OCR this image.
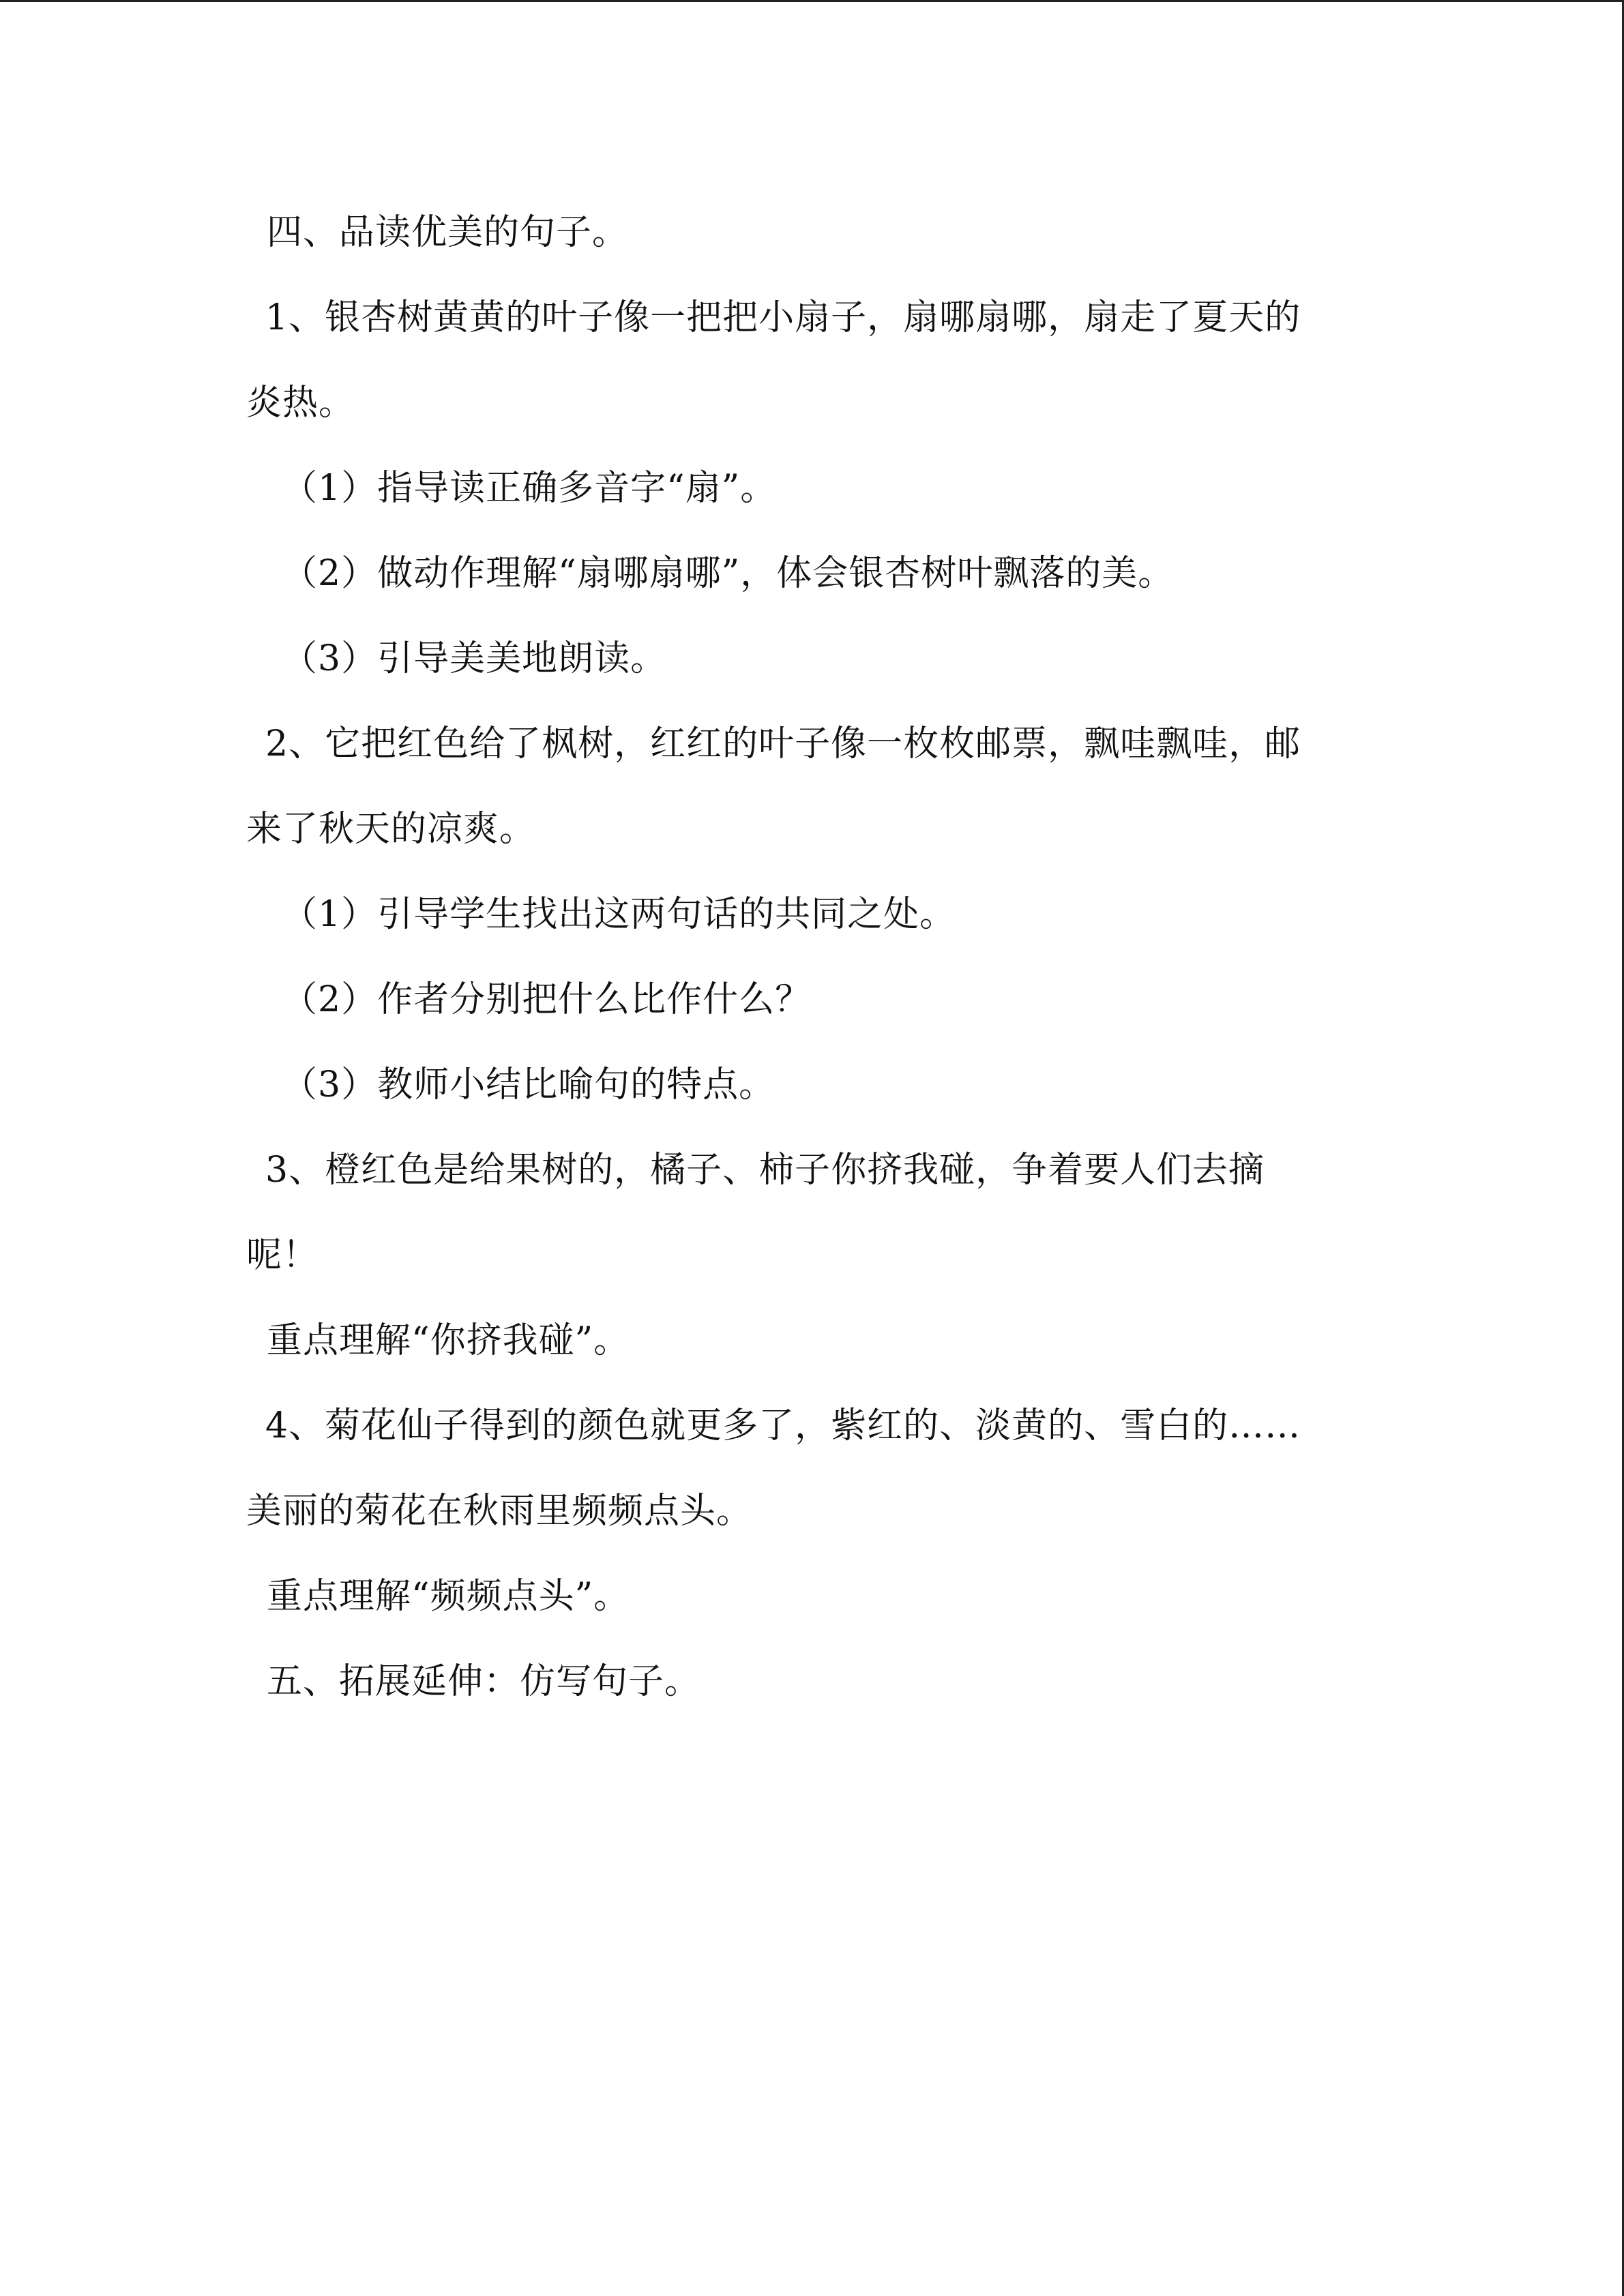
四、品读优美的句子。
1、银杏树黄黄的叶子像一把把小扇子，扇哪扇哪，扇走了夏天的
炎热。
（1）指导读正确多音字“扇”。
（2）做动作理解“扇哪扇哪”，体会银杏树叶飘落的美。
（3）引导美美地朗读。
2、它把红色给了枫树，红红的叶子像一枚枚邮票，飘哇飘哇，邮
来了秋天的凉爽。
（1）引导学生找出这两句话的共同之处。
（2）作者分别把什么比作什么？
（3）教师小结比喻句的特点。
3、橙红色是给果树的，橘子、柿子你挤我碰，争着要人们去摘
呢！
重点理解“你挤我碰”。
4、菊花仙子得到的颜色就更多了，紫红的、淡黄的、雪白的……
美丽的菊花在秋雨里频频点头。
重点理解“频频点头”。
五、拓展延伸：仿写句子。
